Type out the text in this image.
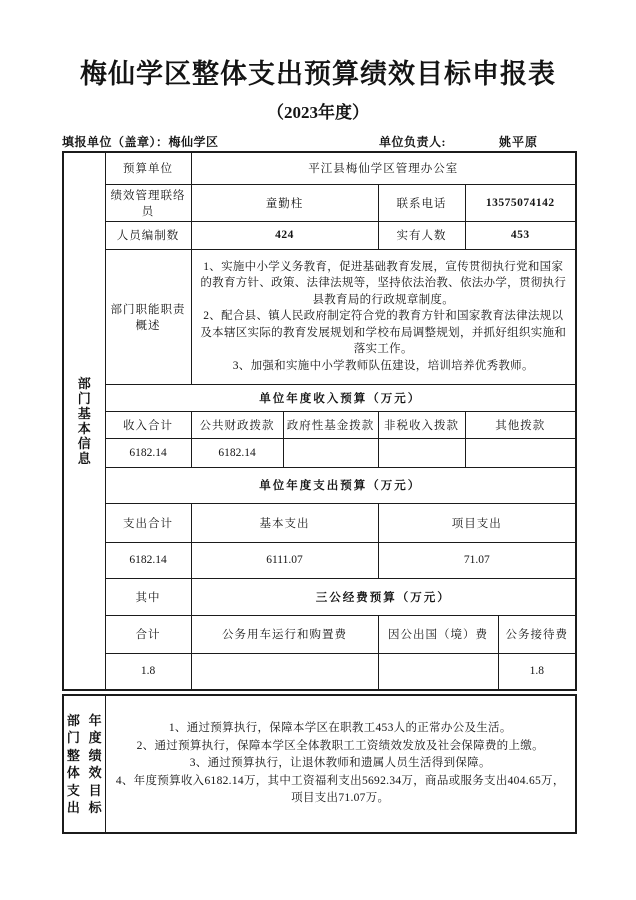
梅仙学区整体支出预算绩效目标申报表
（2023年度）
填报单位（盖章）：梅仙学区	单位负责人:	姚平原
部门基本信息	预算单位	平江县梅仙学区管理办公室				
	绩效管理联络员	童勤柱		联系电话	13575074142	
	人员编制数	424		实有人数	453	
	部门职能职责概述	1、实施中小学义务教育，促进基础教育发展，宣传贯彻执行党和国家的教育方针、政策、法律法规等，坚持依法治教、依法办学，贯彻执行县教育局的行政规章制度。
2、配合县、镇人民政府制定符合党的教育方针和国家教育法律法规以及本辖区实际的教育发展规划和学校布局调整规划，并抓好组织实施和落实工作。
3、加强和实施中小学教师队伍建设，培训培养优秀教师。				

	单位年度收入预算（万元）					
	收入合计	公共财政拨款	政府性基金拨款	非税收入拨款	其他拨款	
	6182.14	6182.14				
	单位年度支出预算（万元）					
	支出合计	基本支出		项目支出		
	6182.14	6111.07		71.07		
	其中	三公经费预算（万元）				
	合计	公务用车运行和购置费		因公出国（境）费		公务接待费
	1.8					1.8
部门整体支出
年度绩效目标

1、通过预算执行，保障本学区在职教工453人的正常办公及生活。
2、通过预算执行，保障本学区全体教职工工资绩效发放及社会保障费的上缴。
3、通过预算执行，让退休教师和遗属人员生活得到保障。
4、年度预算收入6182.14万，其中工资福利支出5692.34万，商品或服务支出404.65万，项目支出71.07万。
